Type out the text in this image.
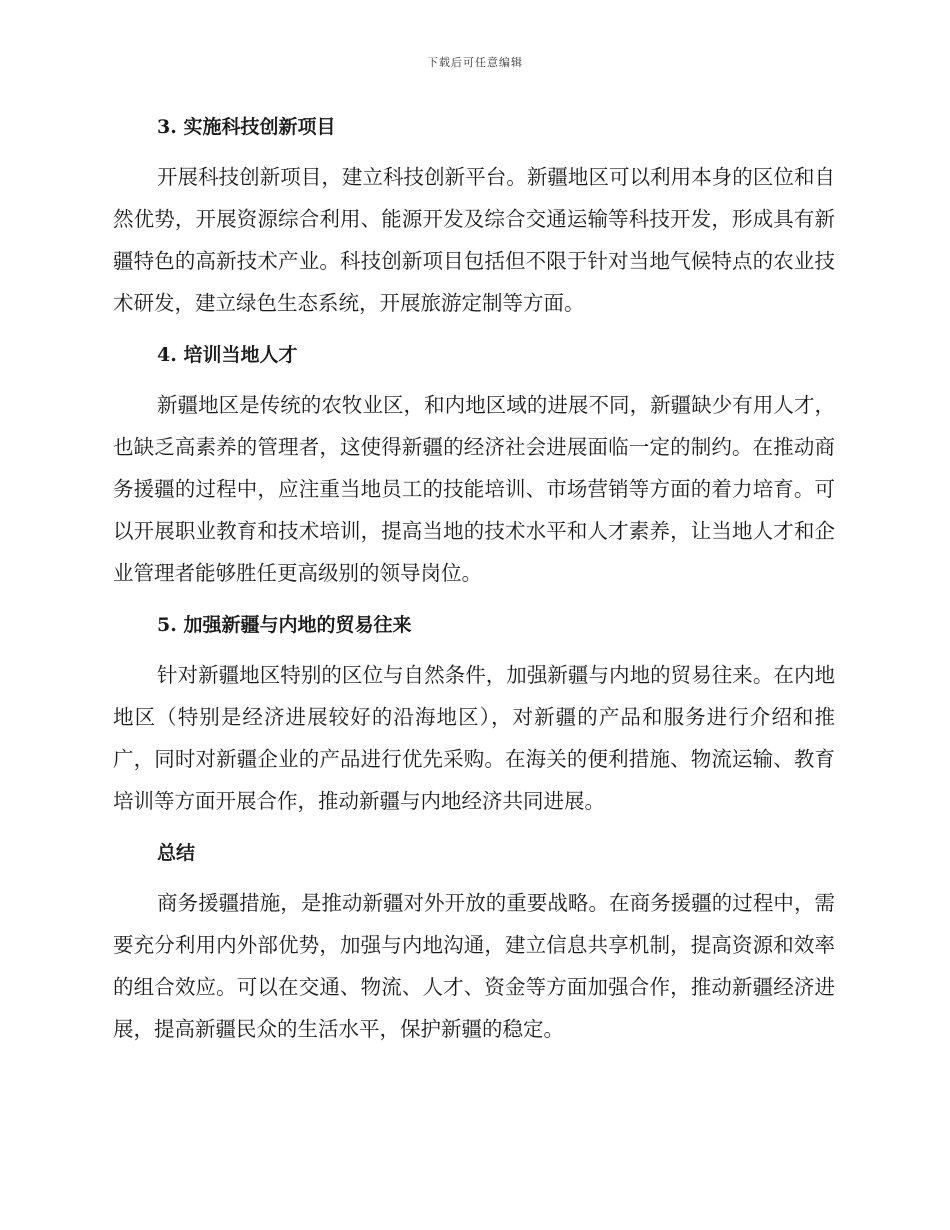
下载后可任意编辑
3. 实施科技创新项目

开展科技创新项目，建立科技创新平台。新疆地区可以利用本身的区位和自然优势，开展资源综合利用、能源开发及综合交通运输等科技开发，形成具有新疆特色的高新技术产业。科技创新项目包括但不限于针对当地气候特点的农业技术研发，建立绿色生态系统，开展旅游定制等方面。

4. 培训当地人才

新疆地区是传统的农牧业区，和内地区域的进展不同，新疆缺少有用人才，也缺乏高素养的管理者，这使得新疆的经济社会进展面临一定的制约。在推动商务援疆的过程中，应注重当地员工的技能培训、市场营销等方面的着力培育。可以开展职业教育和技术培训，提高当地的技术水平和人才素养，让当地人才和企业管理者能够胜任更高级别的领导岗位。

5. 加强新疆与内地的贸易往来

针对新疆地区特别的区位与自然条件，加强新疆与内地的贸易往来。在内地地区（特别是经济进展较好的沿海地区），对新疆的产品和服务进行介绍和推广，同时对新疆企业的产品进行优先采购。在海关的便利措施、物流运输、教育培训等方面开展合作，推动新疆与内地经济共同进展。

总结

商务援疆措施，是推动新疆对外开放的重要战略。在商务援疆的过程中，需要充分利用内外部优势，加强与内地沟通，建立信息共享机制，提高资源和效率的组合效应。可以在交通、物流、人才、资金等方面加强合作，推动新疆经济进展，提高新疆民众的生活水平，保护新疆的稳定。
